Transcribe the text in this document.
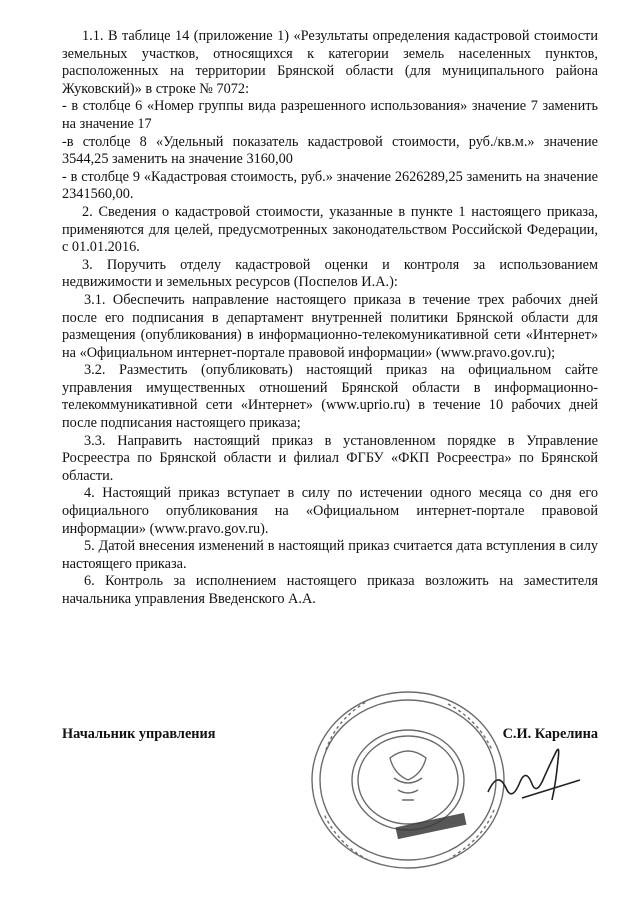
1.1. В таблице 14 (приложение 1) «Результаты определения кадастровой стоимости земельных участков, относящихся к категории земель населенных пунктов, расположенных на территории Брянской области (для муниципального района Жуковский)» в строке № 7072:

- в столбце 6 «Номер группы вида разрешенного использования» значение 7 заменить на значение 17

-в столбце 8 «Удельный показатель кадастровой стоимости, руб./кв.м.» значение 3544,25 заменить на значение 3160,00

- в столбце 9 «Кадастровая стоимость, руб.» значение 2626289,25 заменить на значение 2341560,00.

2. Сведения о кадастровой стоимости, указанные в пункте 1 настоящего приказа, применяются для целей, предусмотренных законодательством Российской Федерации, с 01.01.2016.

3. Поручить отделу кадастровой оценки и контроля за использованием недвижимости и земельных ресурсов (Поспелов И.А.):

3.1. Обеспечить направление настоящего приказа в течение трех рабочих дней после его подписания в департамент внутренней политики Брянской области для размещения (опубликования) в информационно-телекомуникативной сети «Интернет» на «Официальном интернет-портале правовой информации» (www.pravo.gov.ru);

3.2. Разместить (опубликовать) настоящий приказ на официальном сайте управления имущественных отношений Брянской области в информационно-телекоммуникативной сети «Интернет» (www.uprio.ru) в течение 10 рабочих дней после подписания настоящего приказа;

3.3. Направить настоящий приказ в установленном порядке в Управление Росреестра по Брянской области и филиал ФГБУ «ФКП Росреестра» по Брянской области.

4. Настоящий приказ вступает в силу по истечении одного месяца со дня его официального опубликования на «Официальном интернет-портале правовой информации» (www.pravo.gov.ru).

5. Датой внесения изменений в настоящий приказ считается дата вступления в силу настоящего приказа.

6. Контроль за исполнением настоящего приказа возложить на заместителя начальника управления Введенского А.А.

Начальник управления	С.И. Карелина
